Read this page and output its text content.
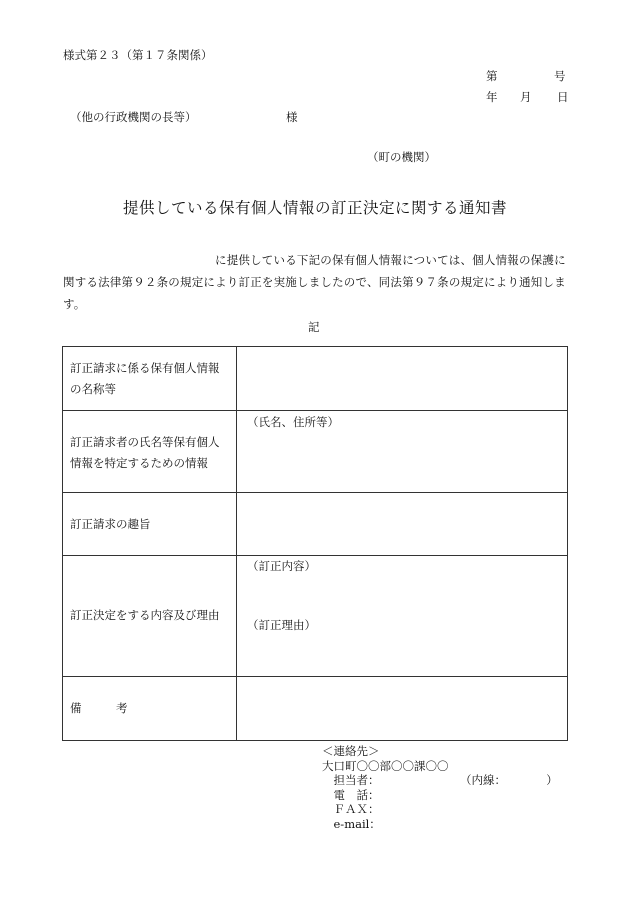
様式第２３（第１７条関係）
第	号
年 月 日
（他の行政機関の長等）	様
（町の機関）
提供している保有個人情報の訂正決定に関する通知書
に提供している下記の保有個人情報については、個人情報の保護に関する法律第９２条の規定により訂正を実施しましたので、同法第９７条の規定により通知します。
記
訂正請求に係る保有個人情報
の名称等	

訂正請求者の氏名等保有個人
情報を特定するための情報	（氏名、住所等）

訂正請求の趣旨	

訂正決定をする内容及び理由	（訂正内容）
（訂正理由）

備　　　考	

＜連絡先＞
大口町〇〇部〇〇課〇〇
　担当者：　　　　　　　　（内線：　　　　）
　電　話：
　ＦＡＸ：
　e-mail：
